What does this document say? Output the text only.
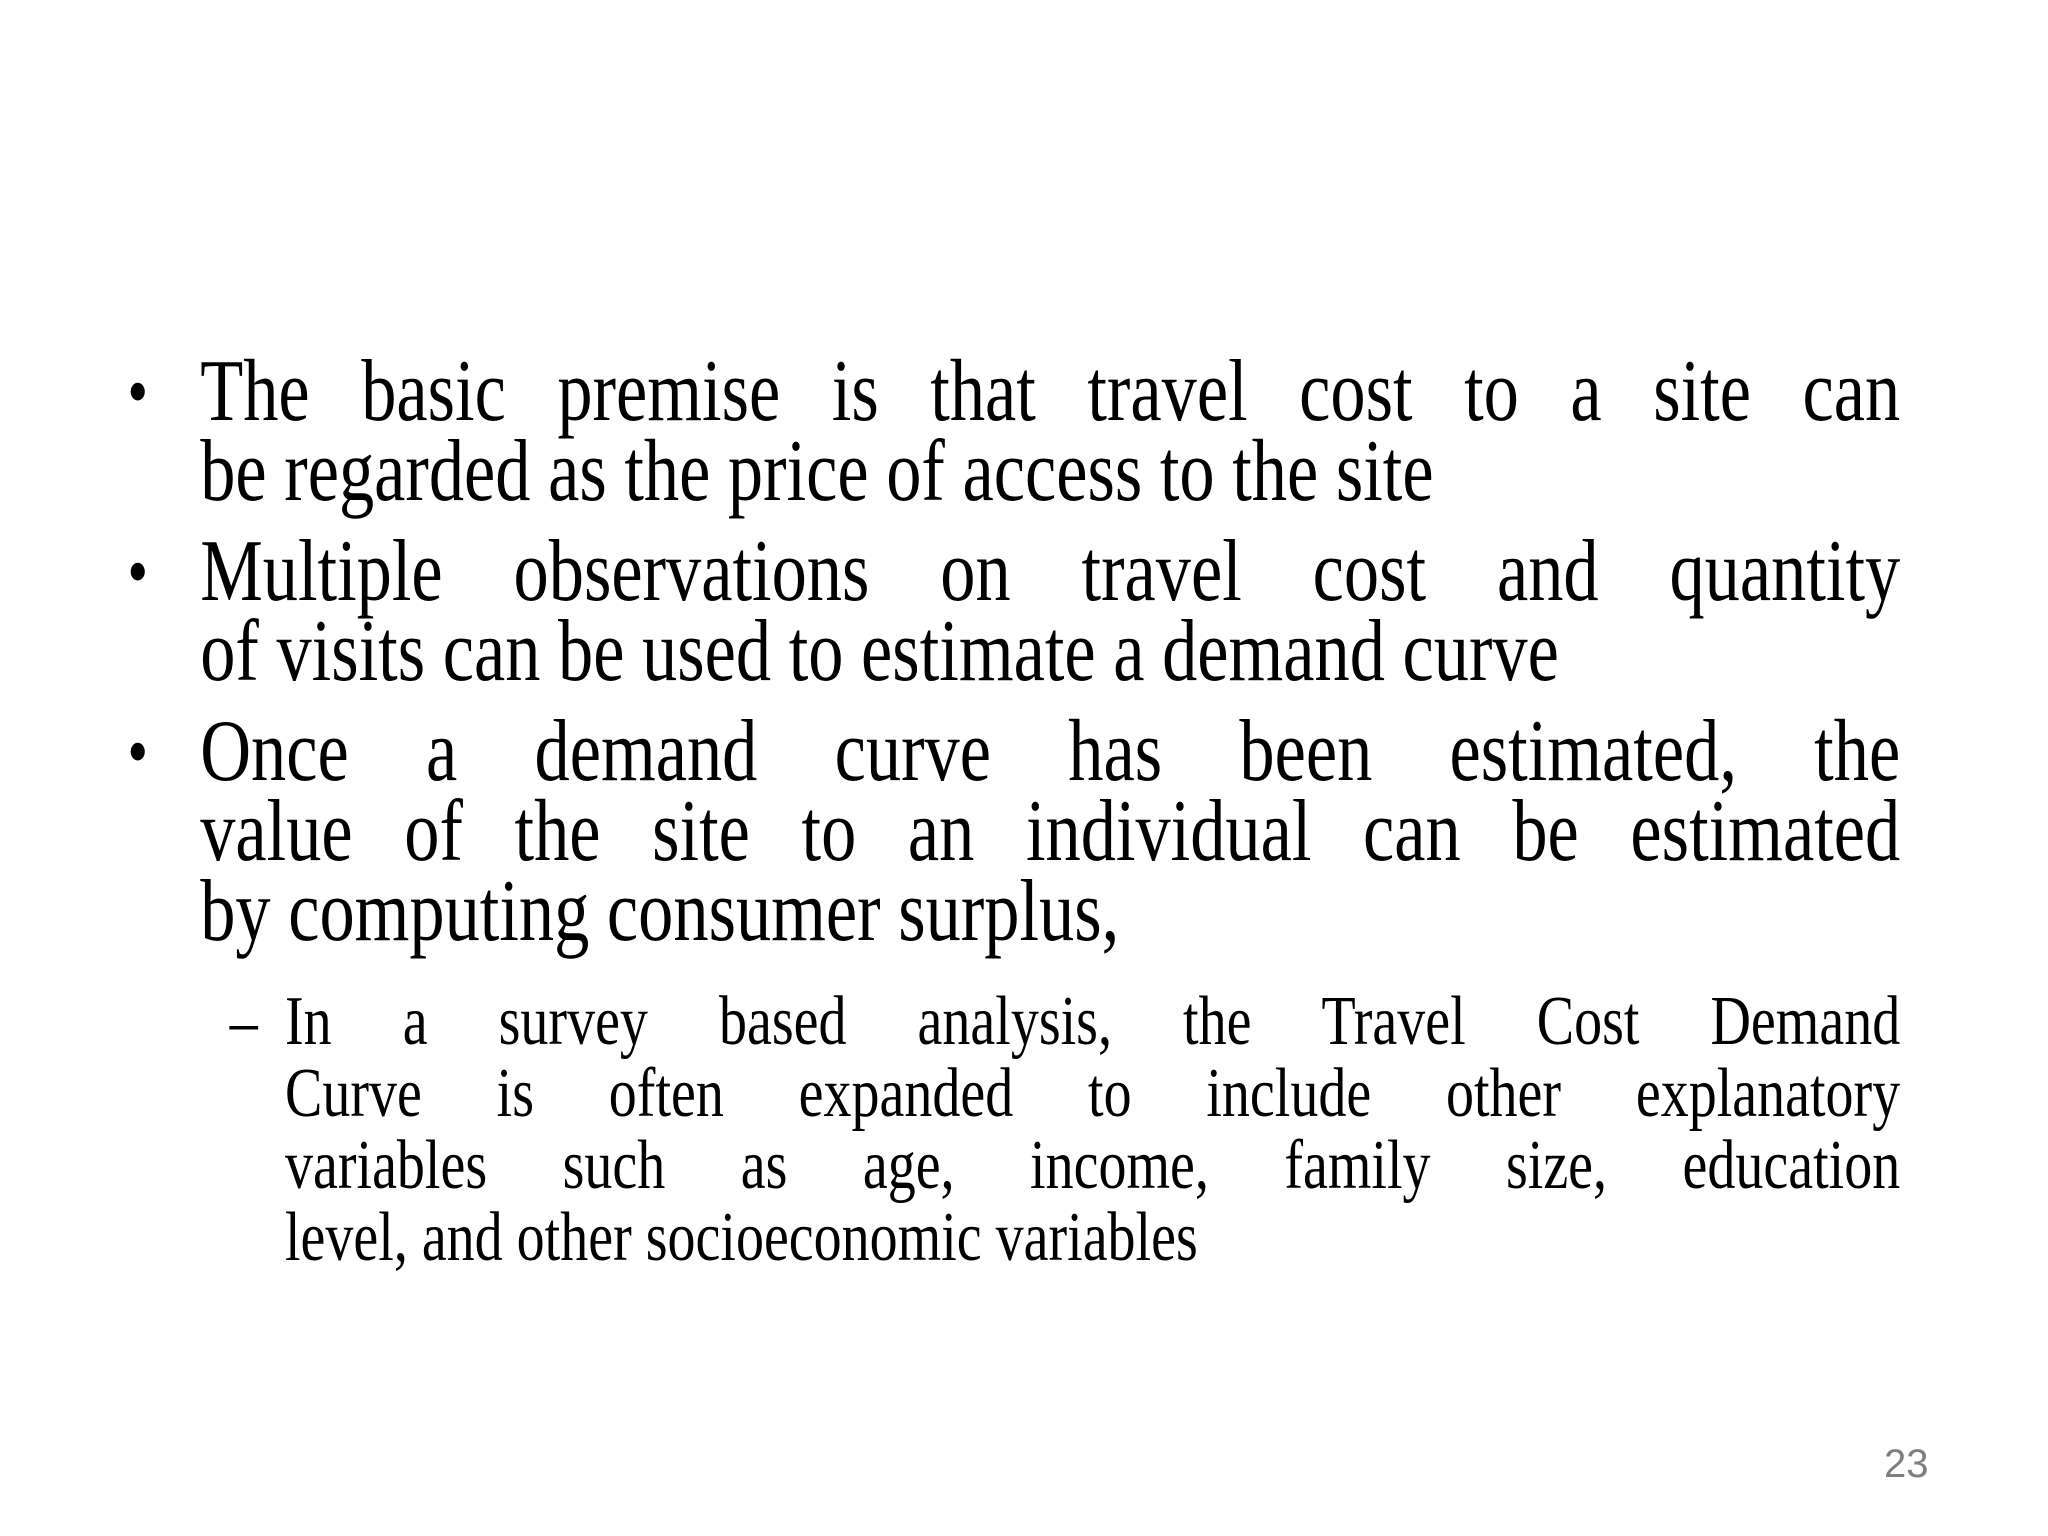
• The basic premise is that travel cost to a site can
be regarded as the price of access to the site
• Multiple observations on travel cost and quantity
of visits can be used to estimate a demand curve
• Once a demand curve has been estimated, the
value of the site to an individual can be estimated
by computing consumer surplus,
– In a survey based analysis, the Travel Cost Demand
Curve is often expanded to include other explanatory
variables such as age, income, family size, education
level, and other socioeconomic variables
23
